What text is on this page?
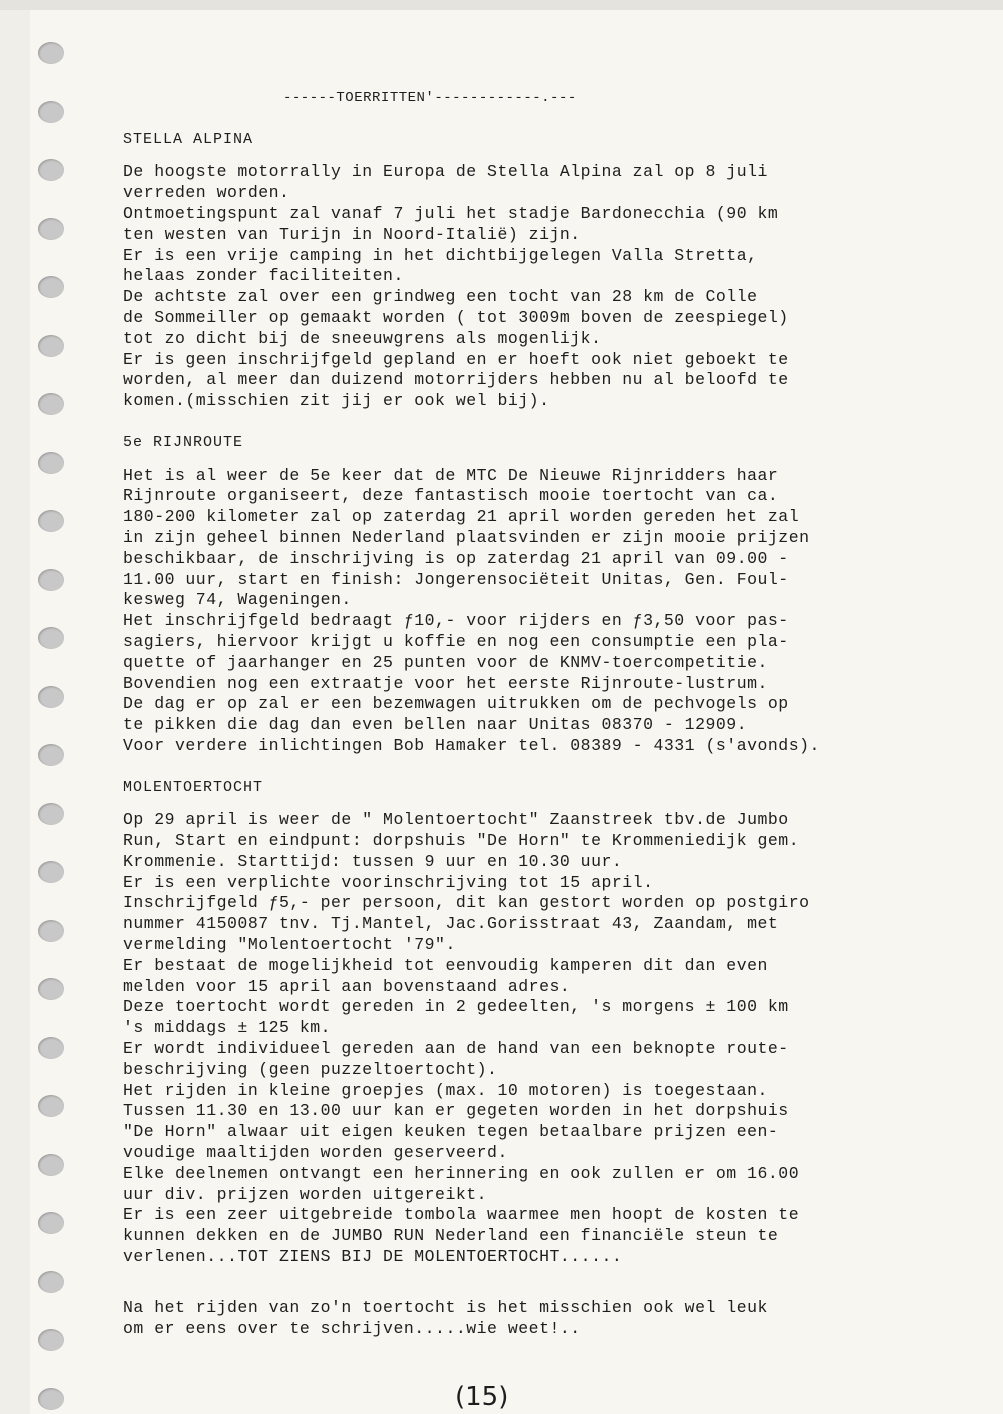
------TOERRITTEN'------------.---
STELLA ALPINA
De hoogste motorrally in Europa de Stella Alpina zal op 8 juli
verreden worden.
Ontmoetingspunt zal vanaf 7 juli het stadje Bardonecchia (90 km
ten westen van Turijn in Noord-Italië) zijn.
Er is een vrije camping in het dichtbijgelegen Valla Stretta,
helaas zonder faciliteiten.
De achtste zal over een grindweg een tocht van 28 km de Colle
de Sommeiller op gemaakt worden ( tot 3009m boven de zeespiegel)
tot zo dicht bij de sneeuwgrens als mogenlijk.
Er is geen inschrijfgeld gepland en er hoeft ook niet geboekt te
worden, al meer dan duizend motorrijders hebben nu al beloofd te
komen.(misschien zit jij er ook wel bij).
5e RIJNROUTE
Het is al weer de 5e keer dat de MTC De Nieuwe Rijnridders haar
Rijnroute organiseert, deze fantastisch mooie toertocht van ca.
180-200 kilometer zal op zaterdag 21 april worden gereden het zal
in zijn geheel binnen Nederland plaatsvinden er zijn mooie prijzen
beschikbaar, de inschrijving is op zaterdag 21 april van 09.00 -
11.00 uur, start en finish: Jongerensociëteit Unitas, Gen. Foul-
kesweg 74, Wageningen.
Het inschrijfgeld bedraagt ƒ10,- voor rijders en ƒ3,50 voor pas-
sagiers, hiervoor krijgt u koffie en nog een consumptie een pla-
quette of jaarhanger en 25 punten voor de KNMV-toercompetitie.
Bovendien nog een extraatje voor het eerste Rijnroute-lustrum.
De dag er op zal er een bezemwagen uitrukken om de pechvogels op
te pikken die dag dan even bellen naar Unitas 08370 - 12909.
Voor verdere inlichtingen Bob Hamaker tel. 08389 - 4331 (s'avonds).
MOLENTOERTOCHT
Op 29 april is weer de " Molentoertocht" Zaanstreek tbv.de Jumbo
Run, Start en eindpunt: dorpshuis "De Horn" te Krommeniedijk gem.
Krommenie. Starttijd: tussen 9 uur en 10.30 uur.
Er is een verplichte voorinschrijving tot 15 april.
Inschrijfgeld ƒ5,- per persoon, dit kan gestort worden op postgiro
nummer 4150087 tnv. Tj.Mantel, Jac.Gorisstraat 43, Zaandam, met
vermelding "Molentoertocht '79".
Er bestaat de mogelijkheid tot eenvoudig kamperen dit dan even
melden voor 15 april aan bovenstaand adres.
Deze toertocht wordt gereden in 2 gedeelten, 's morgens ± 100 km
's middags ± 125 km.
Er wordt individueel gereden aan de hand van een beknopte route-
beschrijving (geen puzzeltoertocht).
Het rijden in kleine groepjes (max. 10 motoren) is toegestaan.
Tussen 11.30 en 13.00 uur kan er gegeten worden in het dorpshuis
"De Horn" alwaar uit eigen keuken tegen betaalbare prijzen een-
voudige maaltijden worden geserveerd.
Elke deelnemen ontvangt een herinnering en ook zullen er om 16.00
uur div. prijzen worden uitgereikt.
Er is een zeer uitgebreide tombola waarmee men hoopt de kosten te
kunnen dekken en de JUMBO RUN Nederland een financiële steun te
verlenen...TOT ZIENS BIJ DE MOLENTOERTOCHT......
Na het rijden van zo'n toertocht is het misschien ook wel leuk
om er eens over te schrijven.....wie weet!..
(15)
